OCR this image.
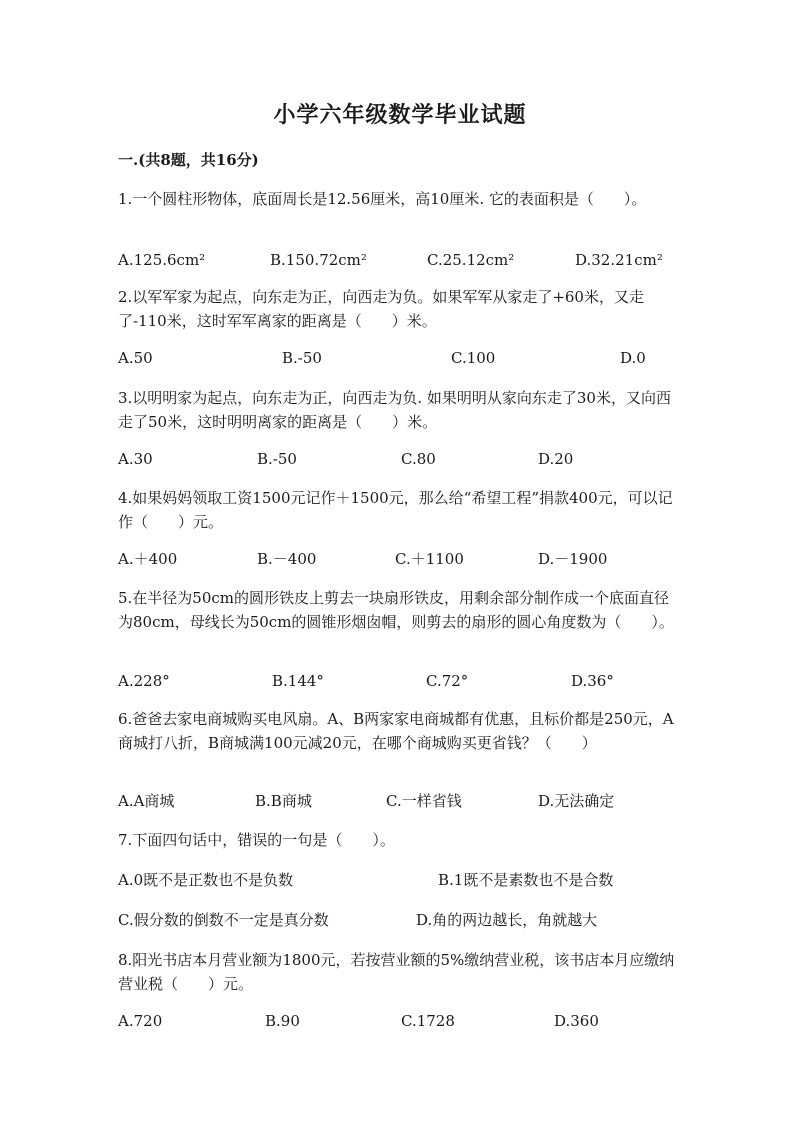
小学六年级数学毕业试题
一.(共8题，共16分)
1.一个圆柱形物体，底面周长是12.56厘米，高10厘米. 它的表面积是（　　）。
A.125.6cm²	B.150.72cm²	C.25.12cm²	D.32.21cm²
2.以军军家为起点，向东走为正，向西走为负。如果军军从家走了+60米，又走了-110米，这时军军离家的距离是（　　）米。
A.50	B.-50	C.100	D.0
3.以明明家为起点，向东走为正，向西走为负. 如果明明从家向东走了30米，又向西走了50米，这时明明离家的距离是（　　）米。
A.30	B.-50	C.80	D.20
4.如果妈妈领取工资1500元记作＋1500元，那么给“希望工程”捐款400元，可以记作（　　）元。
A.＋400	B.－400	C.＋1100	D.－1900
5.在半径为50cm的圆形铁皮上剪去一块扇形铁皮，用剩余部分制作成一个底面直径为80cm，母线长为50cm的圆锥形烟囱帽，则剪去的扇形的圆心角度数为（　　）。
A.228°	B.144°	C.72°	D.36°
6.爸爸去家电商城购买电风扇。A、B两家家电商城都有优惠，且标价都是250元，A商城打八折，B商城满100元减20元，在哪个商城购买更省钱？（　　）
A.A商城	B.B商城	C.一样省钱	D.无法确定
7.下面四句话中，错误的一句是（　　）。
A.0既不是正数也不是负数	B.1既不是素数也不是合数
C.假分数的倒数不一定是真分数	D.角的两边越长，角就越大
8.阳光书店本月营业额为1800元，若按营业额的5%缴纳营业税，该书店本月应缴纳营业税（　　）元。
A.720	B.90	C.1728	D.360
